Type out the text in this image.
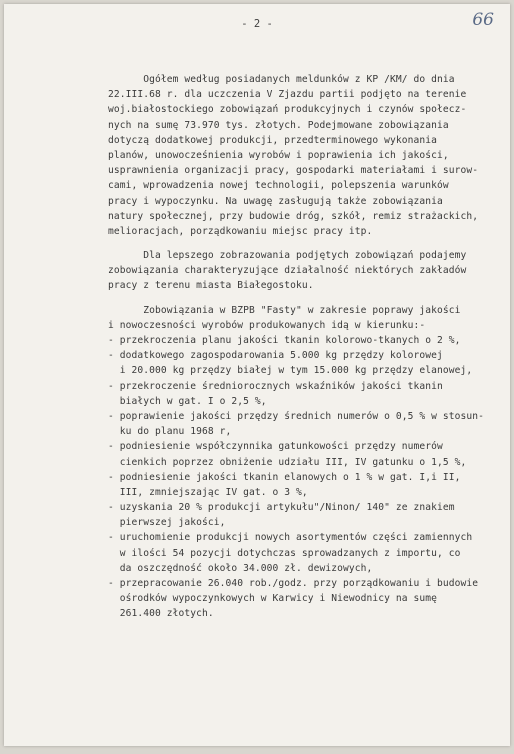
- 2 -	66
Ogółem według posiadanych meldunków z KP /KM/ do dnia
22.III.68 r. dla uczczenia V Zjazdu partii podjęto na terenie
woj.białostockiego zobowiązań produkcyjnych i czynów społecz-
nych na sumę 73.970 tys. złotych. Podejmowane zobowiązania
dotyczą dodatkowej produkcji, przedterminowego wykonania
planów, unowocześnienia wyrobów i poprawienia ich jakości,
usprawnienia organizacji pracy, gospodarki materiałami i surow-
cami, wprowadzenia nowej technologii, polepszenia warunków
pracy i wypoczynku. Na uwagę zasługują także zobowiązania
natury społecznej, przy budowie dróg, szkół, remiz strażackich,
melioracjach, porządkowaniu miejsc pracy itp.
Dla lepszego zobrazowania podjętych zobowiązań podajemy
zobowiązania charakteryzujące działalność niektórych zakładów
pracy z terenu miasta Białegostoku.
Zobowiązania w BZPB "Fasty" w zakresie poprawy jakości
i nowoczesności wyrobów produkowanych idą w kierunku:-
- przekroczenia planu jakości tkanin kolorowo-tkanych o 2 %,
- dodatkowego zagospodarowania 5.000 kg przędzy kolorowej
i 20.000 kg przędzy białej w tym 15.000 kg przędzy elanowej,
- przekroczenie średniorocznych wskaźników jakości tkanin
białych w gat. I o 2,5 %,
- poprawienie jakości przędzy średnich numerów o 0,5 % w stosun-
ku do planu 1968 r,
- podniesienie współczynnika gatunkowości przędzy numerów
cienkich poprzez obniżenie udziału III, IV gatunku o 1,5 %,
- podniesienie jakości tkanin elanowych o 1 % w gat. I,i II,
III, zmniejszając IV gat. o 3 %,
- uzyskania 20 % produkcji artykułu"/Ninon/ 140" ze znakiem
pierwszej jakości,
- uruchomienie produkcji nowych asortymentów części zamiennych
w ilości 54 pozycji dotychczas sprowadzanych z importu, co
da oszczędność około 34.000 zł. dewizowych,
- przepracowanie 26.040 rob./godz. przy porządkowaniu i budowie
ośrodków wypoczynkowych w Karwicy i Niewodnicy na sumę
261.400 złotych.
